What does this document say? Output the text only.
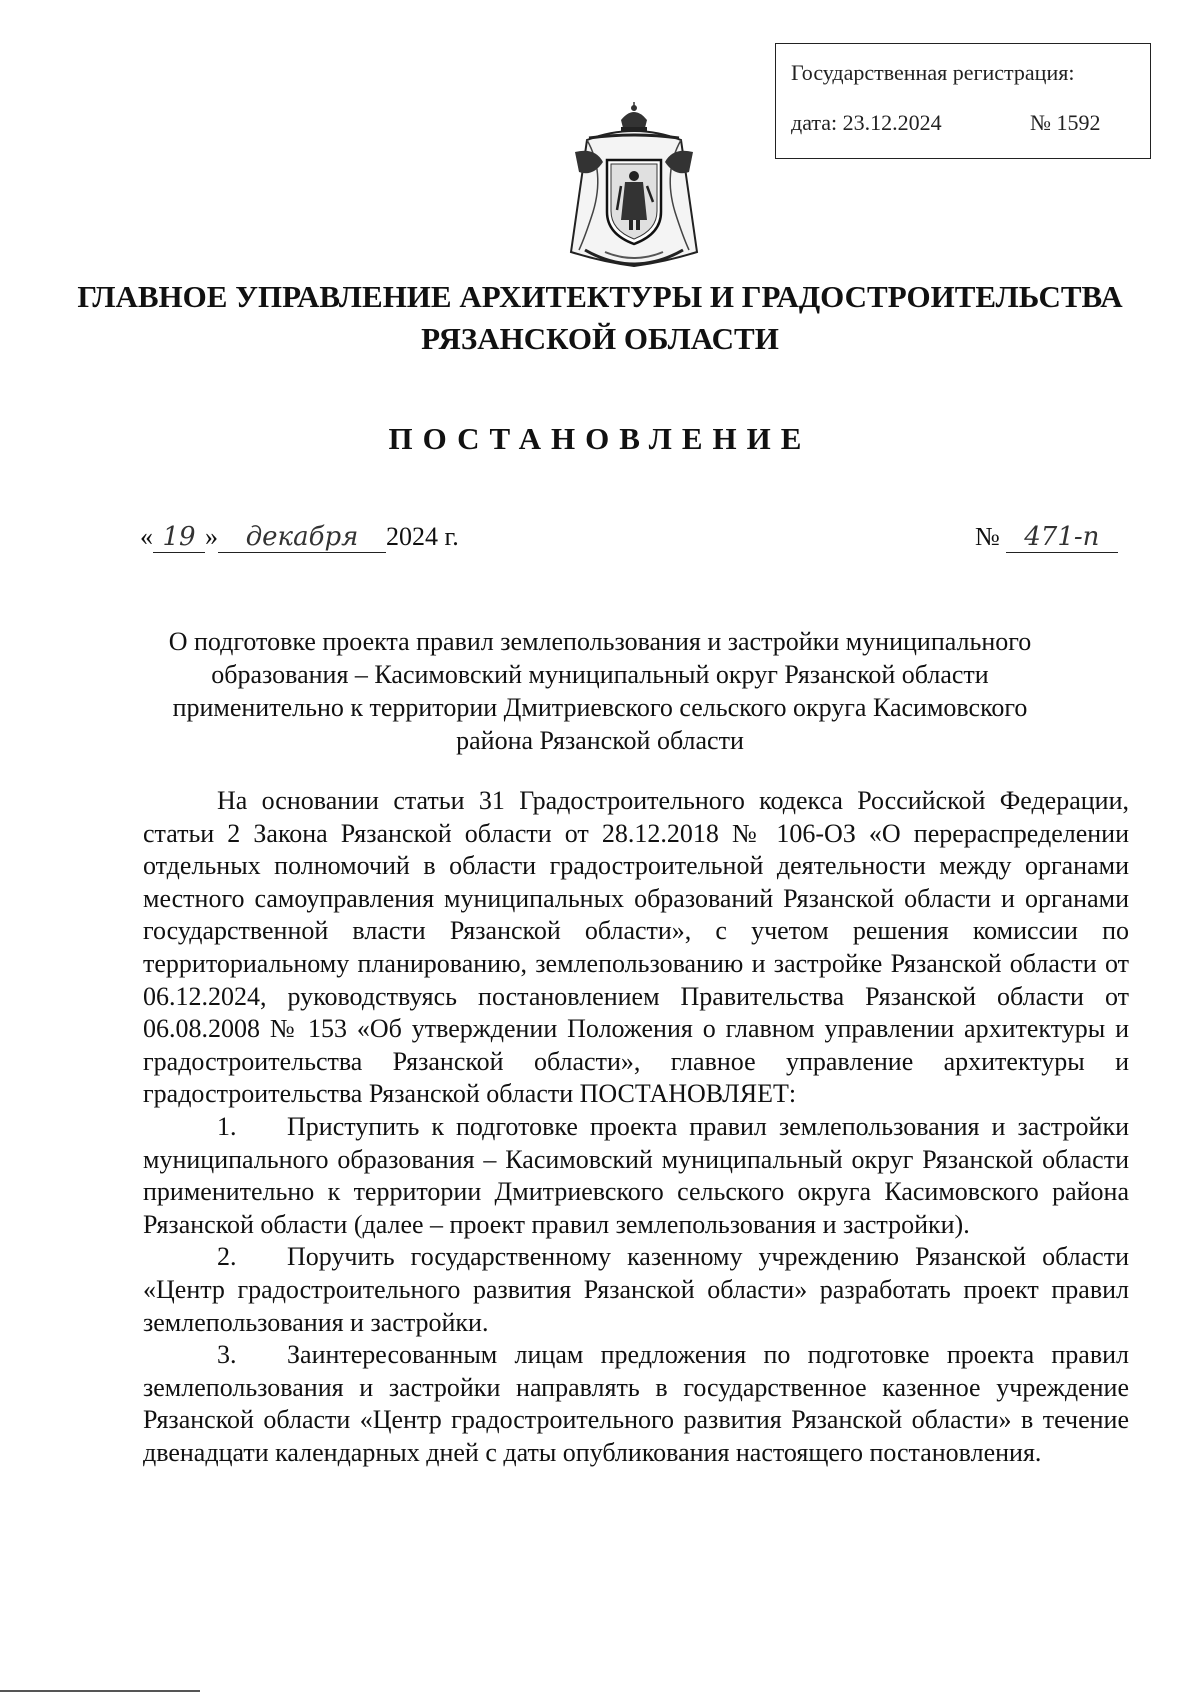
Государственная регистрация:
дата: 23.12.2024	№ 1592
ГЛАВНОЕ УПРАВЛЕНИЕ АРХИТЕКТУРЫ И ГРАДОСТРОИТЕЛЬСТВА
РЯЗАНСКОЙ ОБЛАСТИ
ПОСТАНОВЛЕНИЕ
« 19 » декабря 2024 г.	№ 471-п
О подготовке проекта правил землепользования и застройки муниципального
образования – Касимовский муниципальный округ Рязанской области
применительно к территории Дмитриевского сельского округа Касимовского
района Рязанской области

На основании статьи 31 Градостроительного кодекса Российской Федерации, статьи 2 Закона Рязанской области от 28.12.2018 № 106-ОЗ «О перераспределении отдельных полномочий в области градостроительной деятельности между органами местного самоуправления муниципальных образований Рязанской области и органами государственной власти Рязанской области», с учетом решения комиссии по территориальному планированию, землепользованию и застройке Рязанской области от 06.12.2024, руководствуясь постановлением Правительства Рязанской области от 06.08.2008 № 153 «Об утверждении Положения о главном управлении архитектуры и градостроительства Рязанской области», главное управление архитектуры и градостроительства Рязанской области ПОСТАНОВЛЯЕТ:

1. Приступить к подготовке проекта правил землепользования и застройки муниципального образования – Касимовский муниципальный округ Рязанской области применительно к территории Дмитриевского сельского округа Касимовского района Рязанской области (далее – проект правил землепользования и застройки).

2. Поручить государственному казенному учреждению Рязанской области «Центр градостроительного развития Рязанской области» разработать проект правил землепользования и застройки.

3. Заинтересованным лицам предложения по подготовке проекта правил землепользования и застройки направлять в государственное казенное учреждение Рязанской области «Центр градостроительного развития Рязанской области» в течение двенадцати календарных дней с даты опубликования настоящего постановления.
